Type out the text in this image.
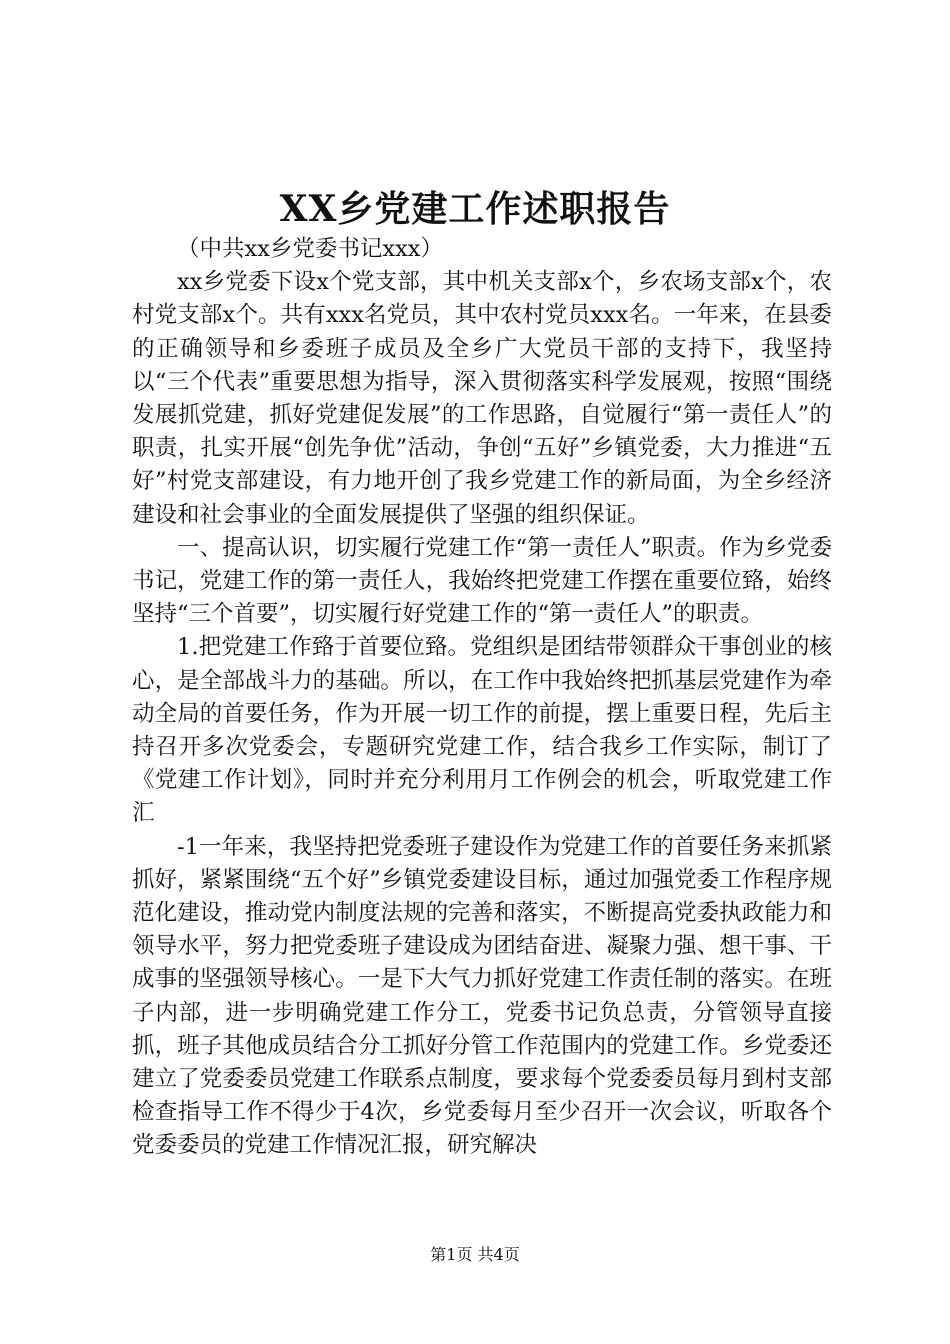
XX乡党建工作述职报告

（中共xx乡党委书记xxx）

xx乡党委下设x个党支部，其中机关支部x个，乡农场支部x个，农村党支部x个。共有xxx名党员，其中农村党员xxx名。一年来，在县委的正确领导和乡委班子成员及全乡广大党员干部的支持下，我坚持以“三个代表”重要思想为指导，深入贯彻落实科学发展观，按照“围绕发展抓党建，抓好党建促发展”的工作思路，自觉履行“第一责任人”的职责，扎实开展“创先争优”活动，争创“五好”乡镇党委，大力推进“五好”村党支部建设，有力地开创了我乡党建工作的新局面，为全乡经济建设和社会事业的全面发展提供了坚强的组织保证。

一、提高认识，切实履行党建工作“第一责任人”职责。作为乡党委书记，党建工作的第一责任人，我始终把党建工作摆在重要位臵，始终坚持“三个首要”，切实履行好党建工作的“第一责任人”的职责。

1.把党建工作臵于首要位臵。党组织是团结带领群众干事创业的核心，是全部战斗力的基础。所以，在工作中我始终把抓基层党建作为牵动全局的首要任务，作为开展一切工作的前提，摆上重要日程，先后主持召开多次党委会，专题研究党建工作，结合我乡工作实际，制订了《党建工作计划》，同时并充分利用月工作例会的机会，听取党建工作汇

-1一年来，我坚持把党委班子建设作为党建工作的首要任务来抓紧抓好，紧紧围绕“五个好”乡镇党委建设目标，通过加强党委工作程序规范化建设，推动党内制度法规的完善和落实，不断提高党委执政能力和领导水平，努力把党委班子建设成为团结奋进、凝聚力强、想干事、干成事的坚强领导核心。一是下大气力抓好党建工作责任制的落实。在班子内部，进一步明确党建工作分工，党委书记负总责，分管领导直接抓，班子其他成员结合分工抓好分管工作范围内的党建工作。乡党委还建立了党委委员党建工作联系点制度，要求每个党委委员每月到村支部检查指导工作不得少于4次，乡党委每月至少召开一次会议，听取各个党委委员的党建工作情况汇报，研究解决

第1页 共4页
